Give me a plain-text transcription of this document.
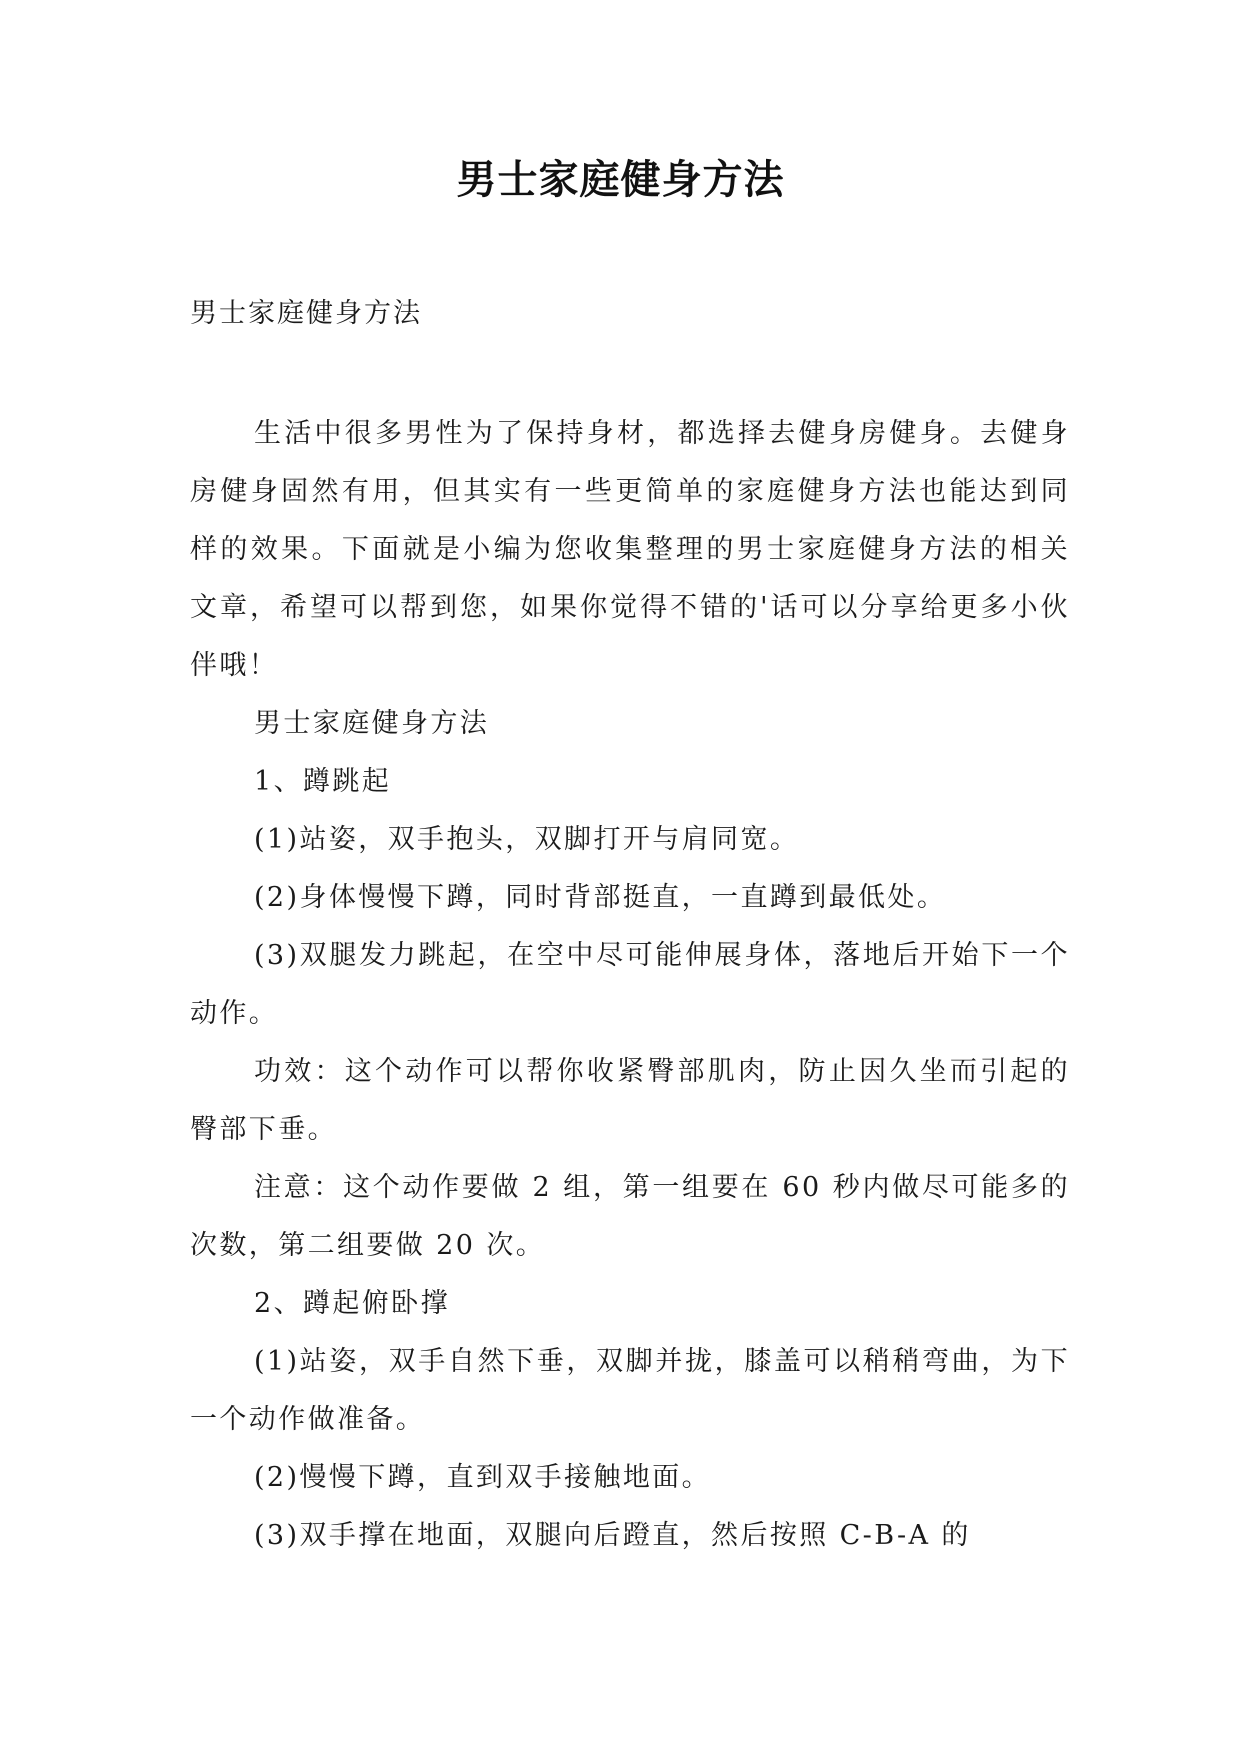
男士家庭健身方法
男士家庭健身方法

生活中很多男性为了保持身材，都选择去健身房健身。去健身房健身固然有用，但其实有一些更简单的家庭健身方法也能达到同样的效果。下面就是小编为您收集整理的男士家庭健身方法的相关文章，希望可以帮到您，如果你觉得不错的'话可以分享给更多小伙伴哦！

男士家庭健身方法

1、蹲跳起

(1)站姿，双手抱头，双脚打开与肩同宽。

(2)身体慢慢下蹲，同时背部挺直，一直蹲到最低处。

(3)双腿发力跳起，在空中尽可能伸展身体，落地后开始下一个动作。

功效：这个动作可以帮你收紧臀部肌肉，防止因久坐而引起的臀部下垂。

注意：这个动作要做 2 组，第一组要在 60 秒内做尽可能多的次数，第二组要做 20 次。

2、蹲起俯卧撑

(1)站姿，双手自然下垂，双脚并拢，膝盖可以稍稍弯曲，为下一个动作做准备。

(2)慢慢下蹲，直到双手接触地面。

(3)双手撑在地面，双腿向后蹬直，然后按照 C-B-A 的
